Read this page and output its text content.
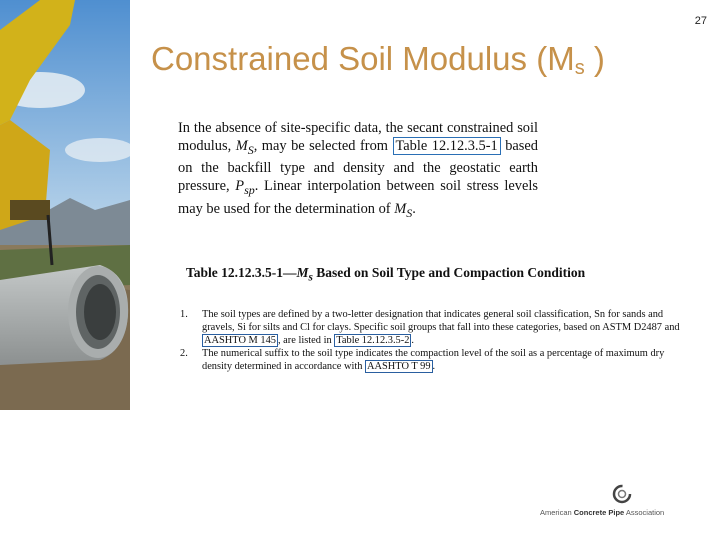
27
Constrained Soil Modulus ($M_s$ )
In the absence of site-specific data, the secant constrained soil modulus, $M_S$, may be selected from Table 12.12.3.5-1 based on the backfill type and density and the geostatic earth pressure, $P_{sp}$. Linear interpolation between soil stress levels may be used for the determination of $M_S$.
Table $12.12.3.5-1—M_s$ Based on Soil Type and Compaction Condition
1.	The soil types are defined by a two-letter designation that indicates general soil classification, Sn for sands and gravels, Si for silts and Cl for clays. Specific soil groups that fall into these categories, based on ASTM D2487 and AASHTO M 145 , are listed in Table 12.12.3.5-2 .
2.	The numerical suffix to the soil type indicates the compaction level of the soil as a percentage of maximum dry density determined in accordance with AASHTO T 99 .
American Concrete Pipe Association
